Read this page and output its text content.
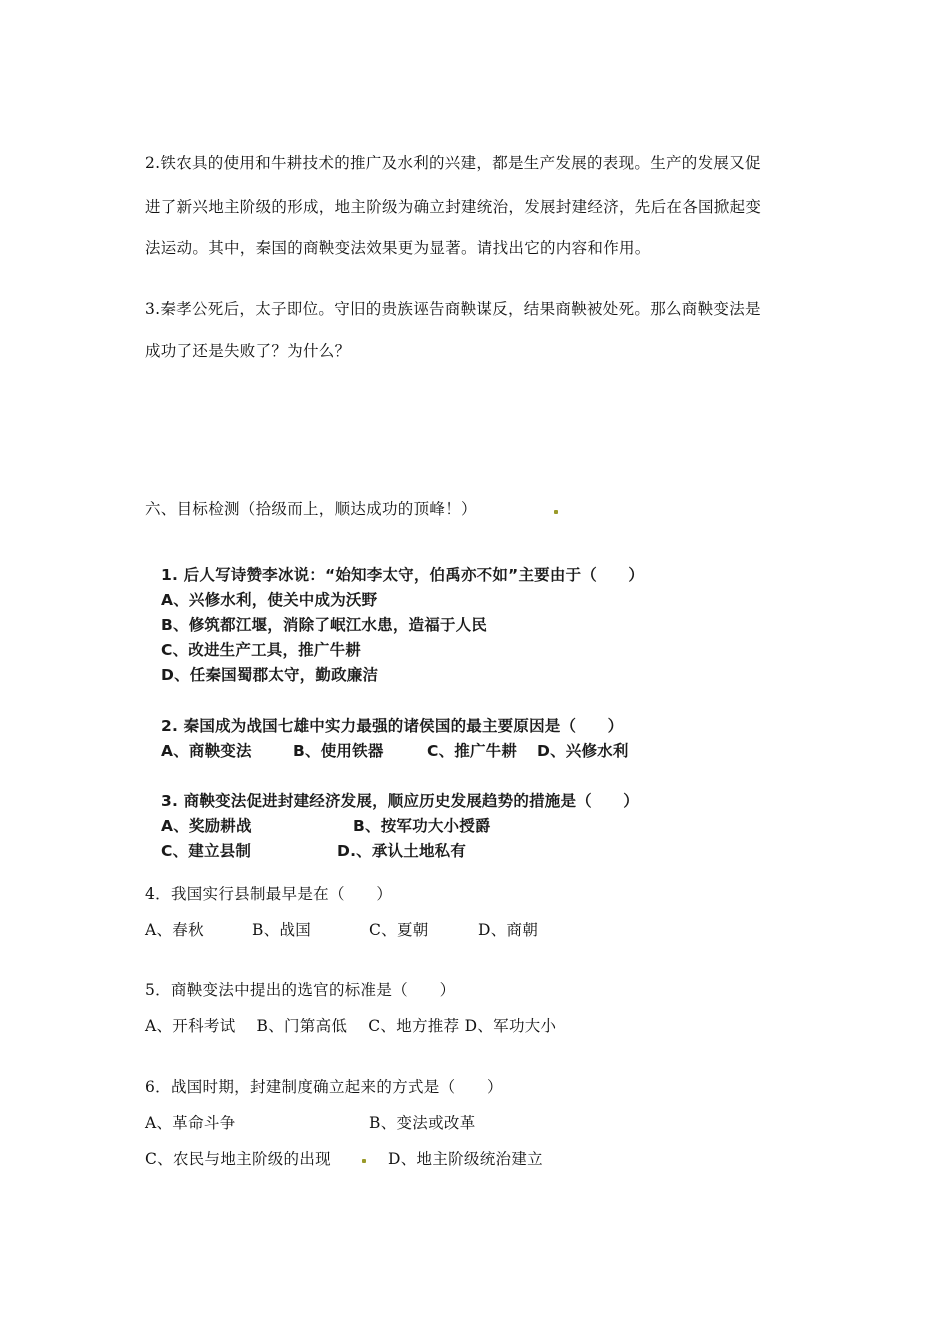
2.铁农具的使用和牛耕技术的推广及水利的兴建，都是生产发展的表现。生产的发展又促
进了新兴地主阶级的形成，地主阶级为确立封建统治，发展封建经济，先后在各国掀起变
法运动。其中，秦国的商鞅变法效果更为显著。请找出它的内容和作用。
3.秦孝公死后，太子即位。守旧的贵族诬告商鞅谋反，结果商鞅被处死。那么商鞅变法是
成功了还是失败了？为什么？
六、目标检测（拾级而上，顺达成功的顶峰！）
1. 后人写诗赞李冰说：“始知李太守，伯禹亦不如”主要由于（　　）
A、兴修水利，使关中成为沃野
B、修筑都江堰，消除了岷江水患，造福于人民
C、改进生产工具，推广牛耕
D、任秦国蜀郡太守，勤政廉洁
2. 秦国成为战国七雄中实力最强的诸侯国的最主要原因是（　　）
A、商鞅变法	B、使用铁器	C、推广牛耕 D、兴修水利
3. 商鞅变法促进封建经济发展，顺应历史发展趋势的措施是（　　）
A、奖励耕战	B、按军功大小授爵
C、建立县制	D.、承认土地私有
4．我国实行县制最早是在（　　）
A、春秋	B、战国	C、夏朝	D、商朝
5．商鞅变法中提出的选官的标准是（　　）
A、开科考试　 B、门第高低　 C、地方推荐 D、军功大小
6．战国时期，封建制度确立起来的方式是（　　）
A、革命斗争	B、变法或改革
C、农民与地主阶级的出现	D、地主阶级统治建立
